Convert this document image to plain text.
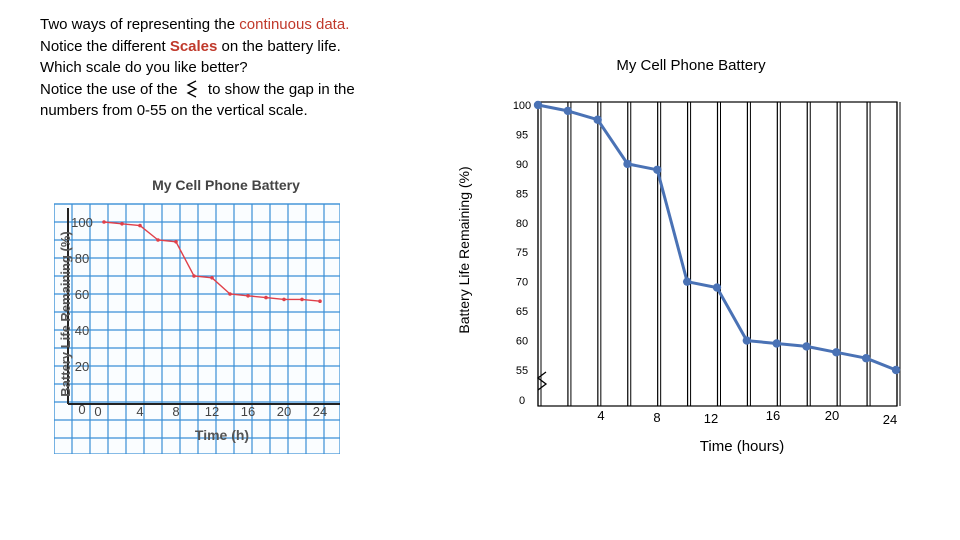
Two ways of representing the continuous data.
Notice the different Scales on the battery life.
Which scale do you like better?
Notice the use of the  to show the gap in the
numbers from 0-55 on the vertical scale.
My Cell Phone Battery
0
20
40
60
80
100
0	4 8 12 16 20 24
Battery Life Remaining (%)
Time (h)
My Cell Phone Battery
0
55
60
65
70
75
80
85
90
95
100
4	8	12	16	20	24
Battery Life Remaining (%)
Time (hours)
